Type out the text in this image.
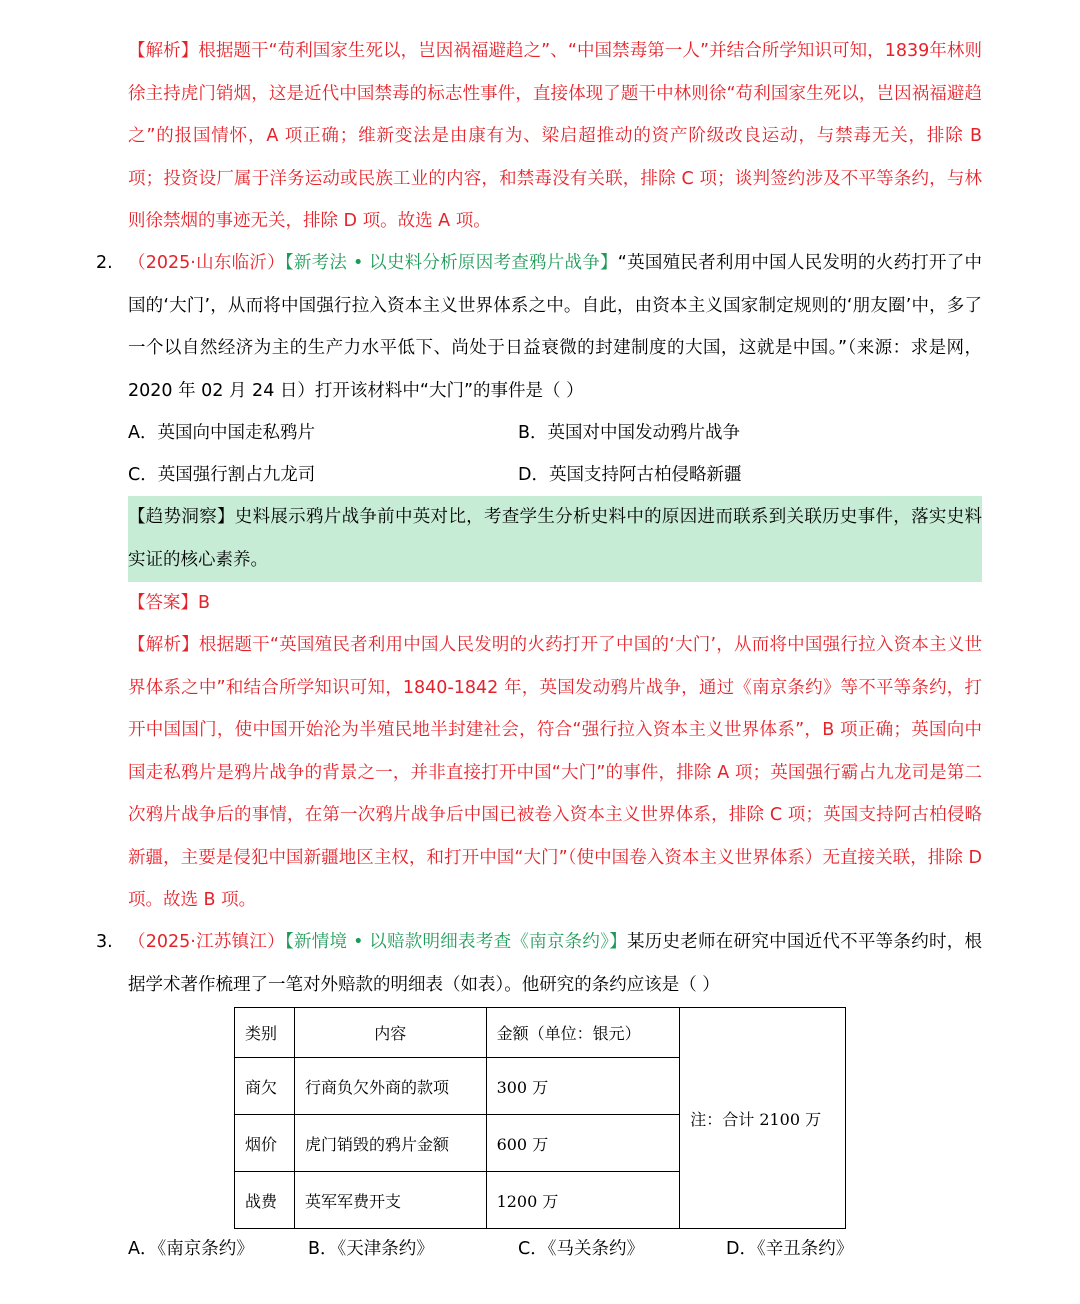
【解析】根据题干“苟利国家生死以，岂因祸福避趋之”、“中国禁毒第一人”并结合所学知识可知，1839年林则徐主持虎门销烟，这是近代中国禁毒的标志性事件，直接体现了题干中林则徐“苟利国家生死以，岂因祸福避趋之”的报国情怀，A 项正确；维新变法是由康有为、梁启超推动的资产阶级改良运动，与禁毒无关，排除 B 项；投资设厂属于洋务运动或民族工业的内容，和禁毒没有关联，排除 C 项；谈判签约涉及不平等条约，与林则徐禁烟的事迹无关，排除 D 项。故选 A 项。

2. （2025·山东临沂）【新考法 • 以史料分析原因考查鸦片战争】“英国殖民者利用中国人民发明的火药打开了中国的‘大门’，从而将中国强行拉入资本主义世界体系之中。自此，由资本主义国家制定规则的‘朋友圈’中，多了一个以自然经济为主的生产力水平低下、尚处于日益衰微的封建制度的大国，这就是中国。”（来源：求是网，2020 年 02 月 24 日）打开该材料中“大门”的事件是（ ）

A．英国向中国走私鸦片	B．英国对中国发动鸦片战争
C．英国强行割占九龙司	D．英国支持阿古柏侵略新疆

【趋势洞察】史料展示鸦片战争前中英对比，考查学生分析史料中的原因进而联系到关联历史事件，落实史料实证的核心素养。

【答案】B

【解析】根据题干“英国殖民者利用中国人民发明的火药打开了中国的‘大门’，从而将中国强行拉入资本主义世界体系之中”和结合所学知识可知，1840-1842 年，英国发动鸦片战争，通过《南京条约》等不平等条约，打开中国国门，使中国开始沦为半殖民地半封建社会，符合“强行拉入资本主义世界体系”，B 项正确；英国向中国走私鸦片是鸦片战争的背景之一，并非直接打开中国“大门”的事件，排除 A 项；英国强行霸占九龙司是第二次鸦片战争后的事情，在第一次鸦片战争后中国已被卷入资本主义世界体系，排除 C 项；英国支持阿古柏侵略新疆，主要是侵犯中国新疆地区主权，和打开中国“大门”（使中国卷入资本主义世界体系）无直接关联，排除 D 项。故选 B 项。

3. （2025·江苏镇江）【新情境 • 以赔款明细表考查《南京条约》】某历史老师在研究中国近代不平等条约时，根据学术著作梳理了一笔对外赔款的明细表（如表）。他研究的条约应该是（ ）

类别	内容	金额（单位：银元）	注：合计 2100 万
商欠	行商负欠外商的款项	300 万	
烟价	虎门销毁的鸦片金额	600 万	
战费	英军军费开支	1200 万	
A．《南京条约》	B．《天津条约》	C．《马关条约》	D．《辛丑条约》
